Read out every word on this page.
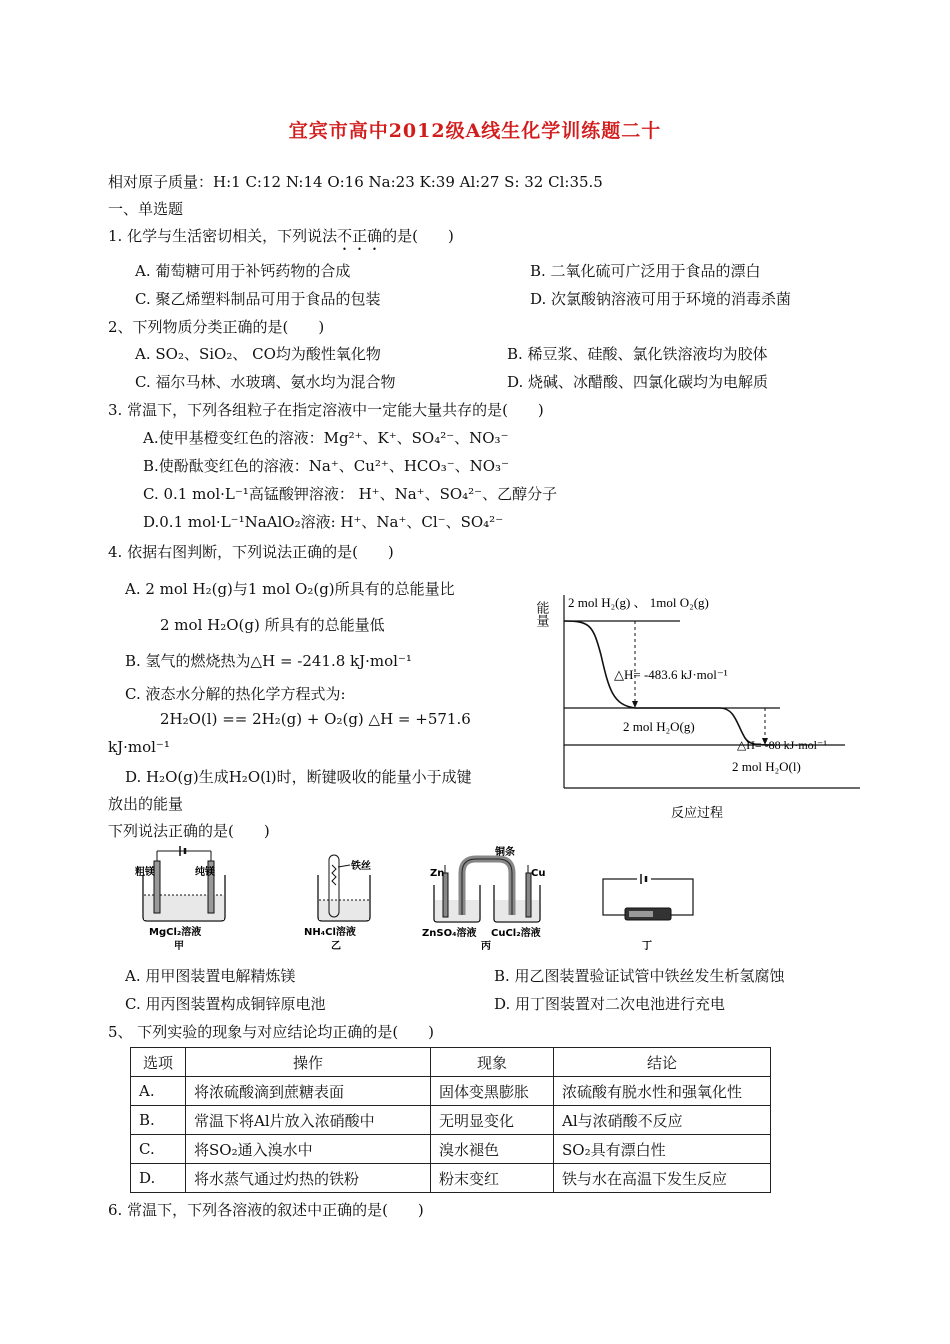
宜宾市高中2012级A线生化学训练题二十
相对原子质量：H:1 C:12 N:14 O:16 Na:23 K:39 Al:27 S: 32 Cl:35.5
一、单选题
1. 化学与生活密切相关，下列说法不正确的是(　　)
A. 葡萄糖可用于补钙药物的合成	B. 二氧化硫可广泛用于食品的漂白
C. 聚乙烯塑料制品可用于食品的包装	D. 次氯酸钠溶液可用于环境的消毒杀菌
2、下列物质分类正确的是(　　)
A. SO₂、SiO₂、 CO均为酸性氧化物	B. 稀豆浆、硅酸、氯化铁溶液均为胶体
C. 福尔马林、水玻璃、氨水均为混合物	D. 烧碱、冰醋酸、四氯化碳均为电解质
3. 常温下，下列各组粒子在指定溶液中一定能大量共存的是(　　)
A.使甲基橙变红色的溶液：Mg²⁺、K⁺、SO₄²⁻、NO₃⁻
B.使酚酞变红色的溶液：Na⁺、Cu²⁺、HCO₃⁻、NO₃⁻
C. 0.1 mol·L⁻¹高锰酸钾溶液： H⁺、Na⁺、SO₄²⁻、乙醇分子
D.0.1 mol·L⁻¹NaAlO₂溶液: H⁺、Na⁺、Cl⁻、SO₄²⁻
4. 依据右图判断，下列说法正确的是(　　)
A. 2 mol H₂(g)与1 mol O₂(g)所具有的总能量比
2 mol H₂O(g) 所具有的总能量低
B. 氢气的燃烧热为△H = -241.8 kJ·mol⁻¹
C. 液态水分解的热化学方程式为:
2H₂O(l) == 2H₂(g) + O₂(g) △H = +571.6
kJ·mol⁻¹
D. H₂O(g)生成H₂O(l)时，断键吸收的能量小于成键
放出的能量
能量 2 mol H₂(g) 、 1mol O₂(g)
△H= -483.6 kJ·mol⁻¹
2 mol H₂O(g)
△H= -88 kJ·mol⁻¹
2 mol H₂O(l)
反应过程
下列说法正确的是(　　)
粗镁	纯镁
MgCl₂溶液
甲
铁丝
NH₄Cl溶液
乙
铜条
Zn	Cu
ZnSO₄溶液 CuCl₂溶液
丙	丁
A. 用甲图装置电解精炼镁	B. 用乙图装置验证试管中铁丝发生析氢腐蚀
C. 用丙图装置构成铜锌原电池	D. 用丁图装置对二次电池进行充电
5、 下列实验的现象与对应结论均正确的是(　　)
选项	操作	现象	结论
A.	将浓硫酸滴到蔗糖表面	固体变黑膨胀	浓硫酸有脱水性和强氧化性
B.	常温下将Al片放入浓硝酸中	无明显变化	Al与浓硝酸不反应
C.	将SO₂通入溴水中	溴水褪色	SO₂具有漂白性
D.	将水蒸气通过灼热的铁粉	粉末变红	铁与水在高温下发生反应
6. 常温下，下列各溶液的叙述中正确的是(　　)
